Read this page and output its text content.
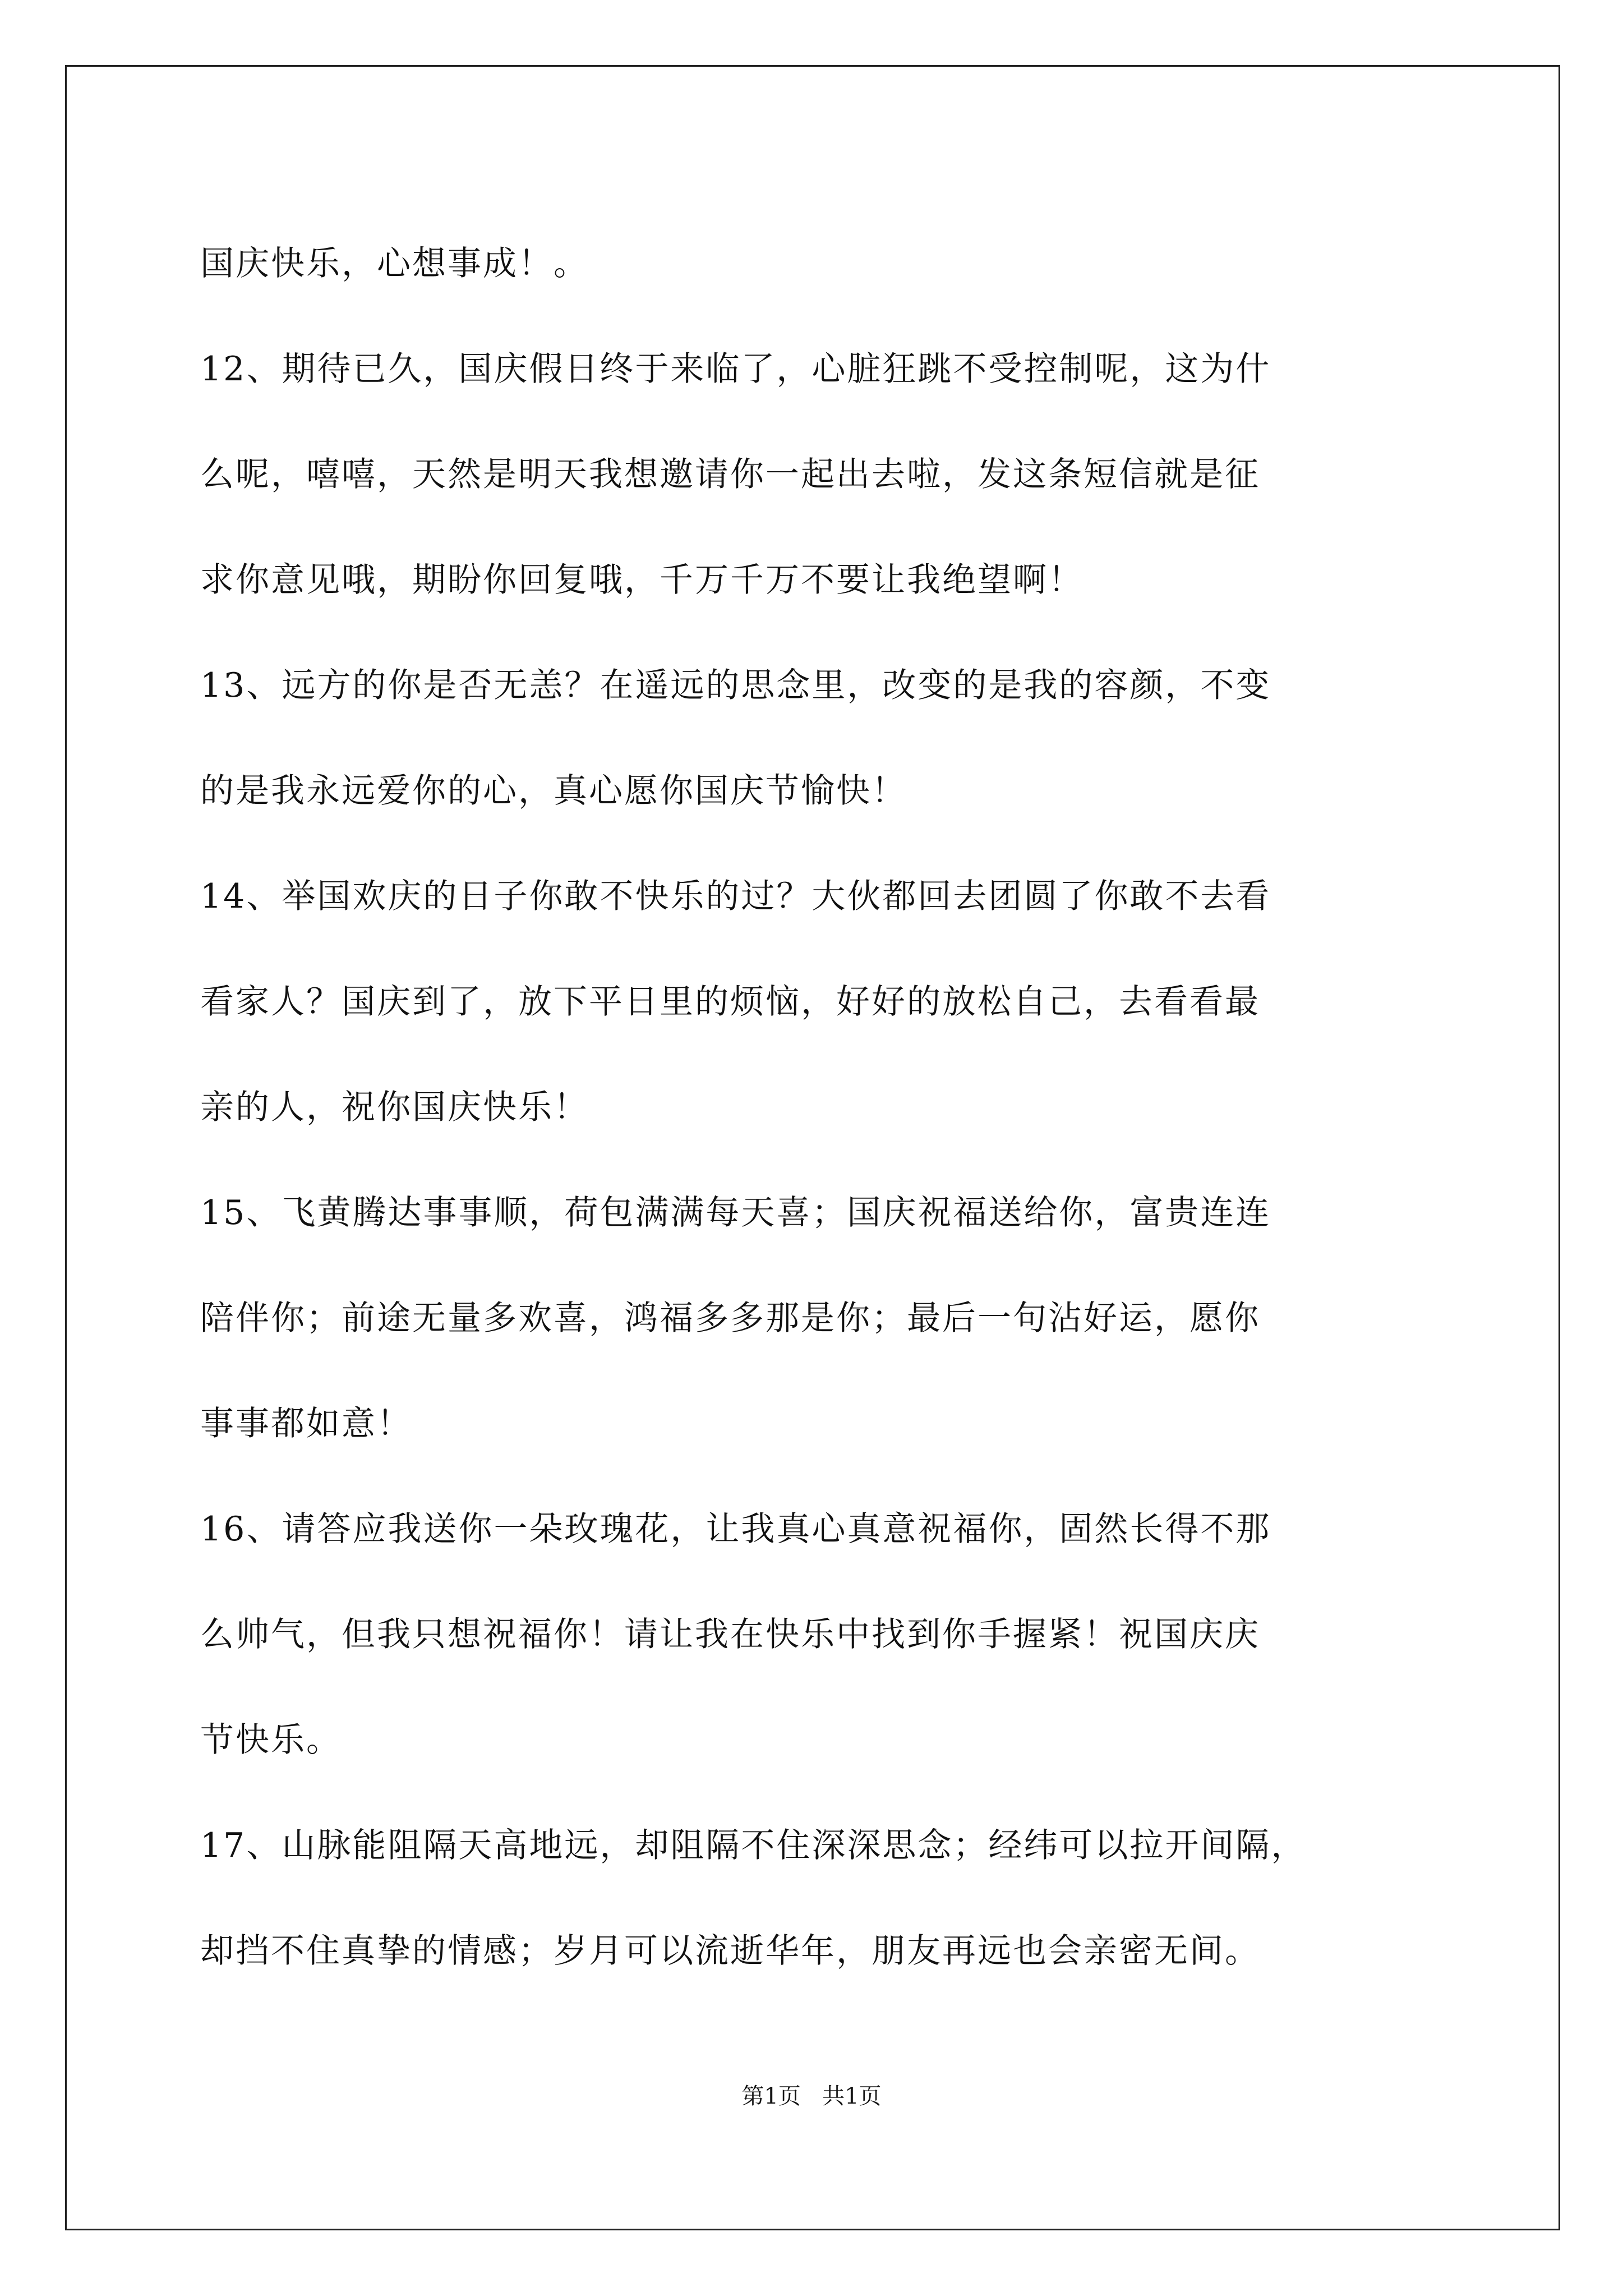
国庆快乐，心想事成！。
12、期待已久，国庆假日终于来临了，心脏狂跳不受控制呢，这为什
么呢，嘻嘻，天然是明天我想邀请你一起出去啦，发这条短信就是征
求你意见哦，期盼你回复哦，千万千万不要让我绝望啊！
13、远方的你是否无恙？在遥远的思念里，改变的是我的容颜，不变
的是我永远爱你的心，真心愿你国庆节愉快！
14、举国欢庆的日子你敢不快乐的过？大伙都回去团圆了你敢不去看
看家人？国庆到了，放下平日里的烦恼，好好的放松自己，去看看最
亲的人，祝你国庆快乐！
15、飞黄腾达事事顺，荷包满满每天喜；国庆祝福送给你，富贵连连
陪伴你；前途无量多欢喜，鸿福多多那是你；最后一句沾好运，愿你
事事都如意！
16、请答应我送你一朵玫瑰花，让我真心真意祝福你，固然长得不那
么帅气，但我只想祝福你！请让我在快乐中找到你手握紧！祝国庆庆
节快乐。
17、山脉能阻隔天高地远，却阻隔不住深深思念；经纬可以拉开间隔，
却挡不住真挚的情感；岁月可以流逝华年，朋友再远也会亲密无间。
第1页 共1页
